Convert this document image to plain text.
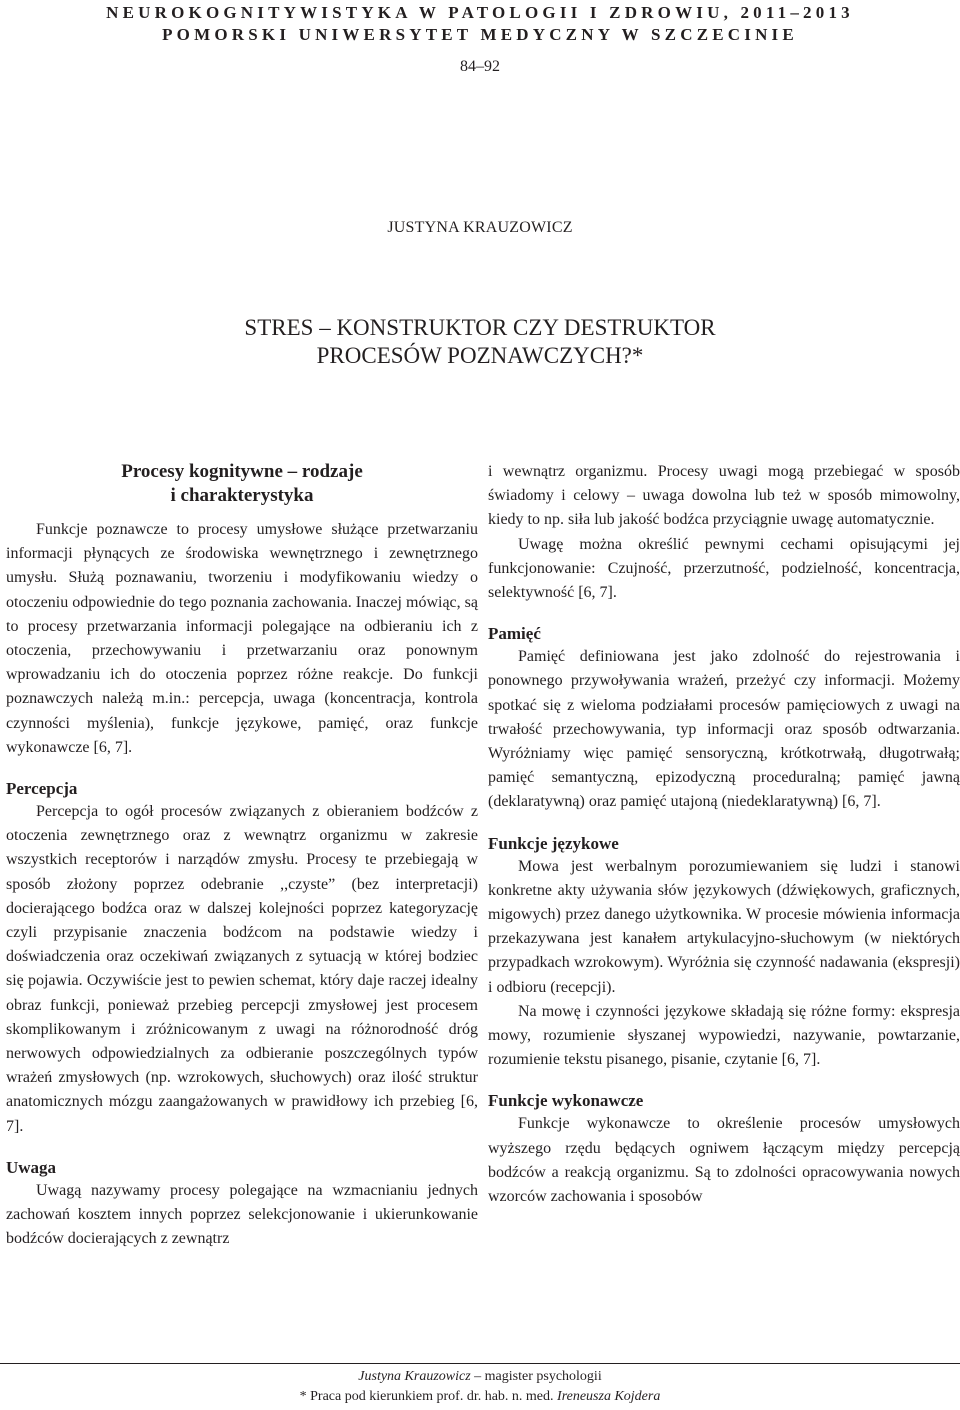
NEUROKOGNITYWISTYKA W PATOLOGII I ZDROWIU, 2011–2013
POMORSKI UNIWERSYTET MEDYCZNY W SZCZECINIE
84–92
JUSTYNA KRAUZOWICZ
STRES – KONSTRUKTOR CZY DESTRUKTOR
PROCESÓW POZNAWCZYCH?*
Procesy kognitywne – rodzaje
i charakterystyka

Funkcje poznawcze to procesy umysłowe służące przetwarzaniu informacji płynących ze środowiska wewnętrznego i zewnętrznego umysłu. Służą poznawaniu, tworzeniu i modyfikowaniu wiedzy o otoczeniu odpowiednie do tego poznania zachowania. Inaczej mówiąc, są to procesy przetwarzania informacji polegające na odbieraniu ich z otoczenia, przechowywaniu i przetwarzaniu oraz ponownym wprowadzaniu ich do otoczenia poprzez różne reakcje. Do funkcji poznawczych należą m.in.: percepcja, uwaga (koncentracja, kontrola czynności myślenia), funkcje językowe, pamięć, oraz funkcje wykonawcze [6, 7].

Percepcja

Percepcja to ogół procesów związanych z obieraniem bodźców z otoczenia zewnętrznego oraz z wewnątrz organizmu w zakresie wszystkich receptorów i narządów zmysłu. Procesy te przebiegają w sposób złożony poprzez odebranie ,,czyste” (bez interpretacji) docierającego bodźca oraz w dalszej kolejności poprzez kategoryzację czyli przypisanie znaczenia bodźcom na podstawie wiedzy i doświadczenia oraz oczekiwań związanych z sytuacją w której bodziec się pojawia. Oczywiście jest to pewien schemat, który daje raczej idealny obraz funkcji, ponieważ przebieg percepcji zmysłowej jest procesem skomplikowanym i zróżnicowanym z uwagi na różnorodność dróg nerwowych odpowiedzialnych za odbieranie poszczególnych typów wrażeń zmysłowych (np. wzrokowych, słuchowych) oraz ilość struktur anatomicznych mózgu zaangażowanych w prawidłowy ich przebieg [6, 7].

Uwaga

Uwagą nazywamy procesy polegające na wzmacnianiu jednych zachowań kosztem innych poprzez selekcjonowanie i ukierunkowanie bodźców docierających z zewnątrz

i wewnątrz organizmu. Procesy uwagi mogą przebiegać w sposób świadomy i celowy – uwaga dowolna lub też w sposób mimowolny, kiedy to np. siła lub jakość bodźca przyciągnie uwagę automatycznie.

Uwagę można określić pewnymi cechami opisującymi jej funkcjonowanie: Czujność, przerzutność, podzielność, koncentracja, selektywność [6, 7].

Pamięć

Pamięć definiowana jest jako zdolność do rejestrowania i ponownego przywoływania wrażeń, przeżyć czy informacji. Możemy spotkać się z wieloma podziałami procesów pamięciowych z uwagi na trwałość przechowywania, typ informacji oraz sposób odtwarzania. Wyróżniamy więc pamięć sensoryczną, krótkotrwałą, długotrwałą; pamięć semantyczną, epizodyczną proceduralną; pamięć jawną (deklaratywną) oraz pamięć utajoną (niedeklaratywną) [6, 7].

Funkcje językowe

Mowa jest werbalnym porozumiewaniem się ludzi i stanowi konkretne akty używania słów językowych (dźwiękowych, graficznych, migowych) przez danego użytkownika. W procesie mówienia informacja przekazywana jest kanałem artykulacyjno-słuchowym (w niektórych przypadkach wzrokowym). Wyróżnia się czynność nadawania (ekspresji) i odbioru (recepcji).

Na mowę i czynności językowe składają się różne formy: ekspresja mowy, rozumienie słyszanej wypowiedzi, nazywanie, powtarzanie, rozumienie tekstu pisanego, pisanie, czytanie [6, 7].

Funkcje wykonawcze

Funkcje wykonawcze to określenie procesów umysłowych wyższego rzędu będących ogniwem łączącym między percepcją bodźców a reakcją organizmu. Są to zdolności opracowywania nowych wzorców zachowania i sposobów

Justyna Krauzowicz – magister psychologii
* Praca pod kierunkiem prof. dr. hab. n. med. Ireneusza Kojdera
